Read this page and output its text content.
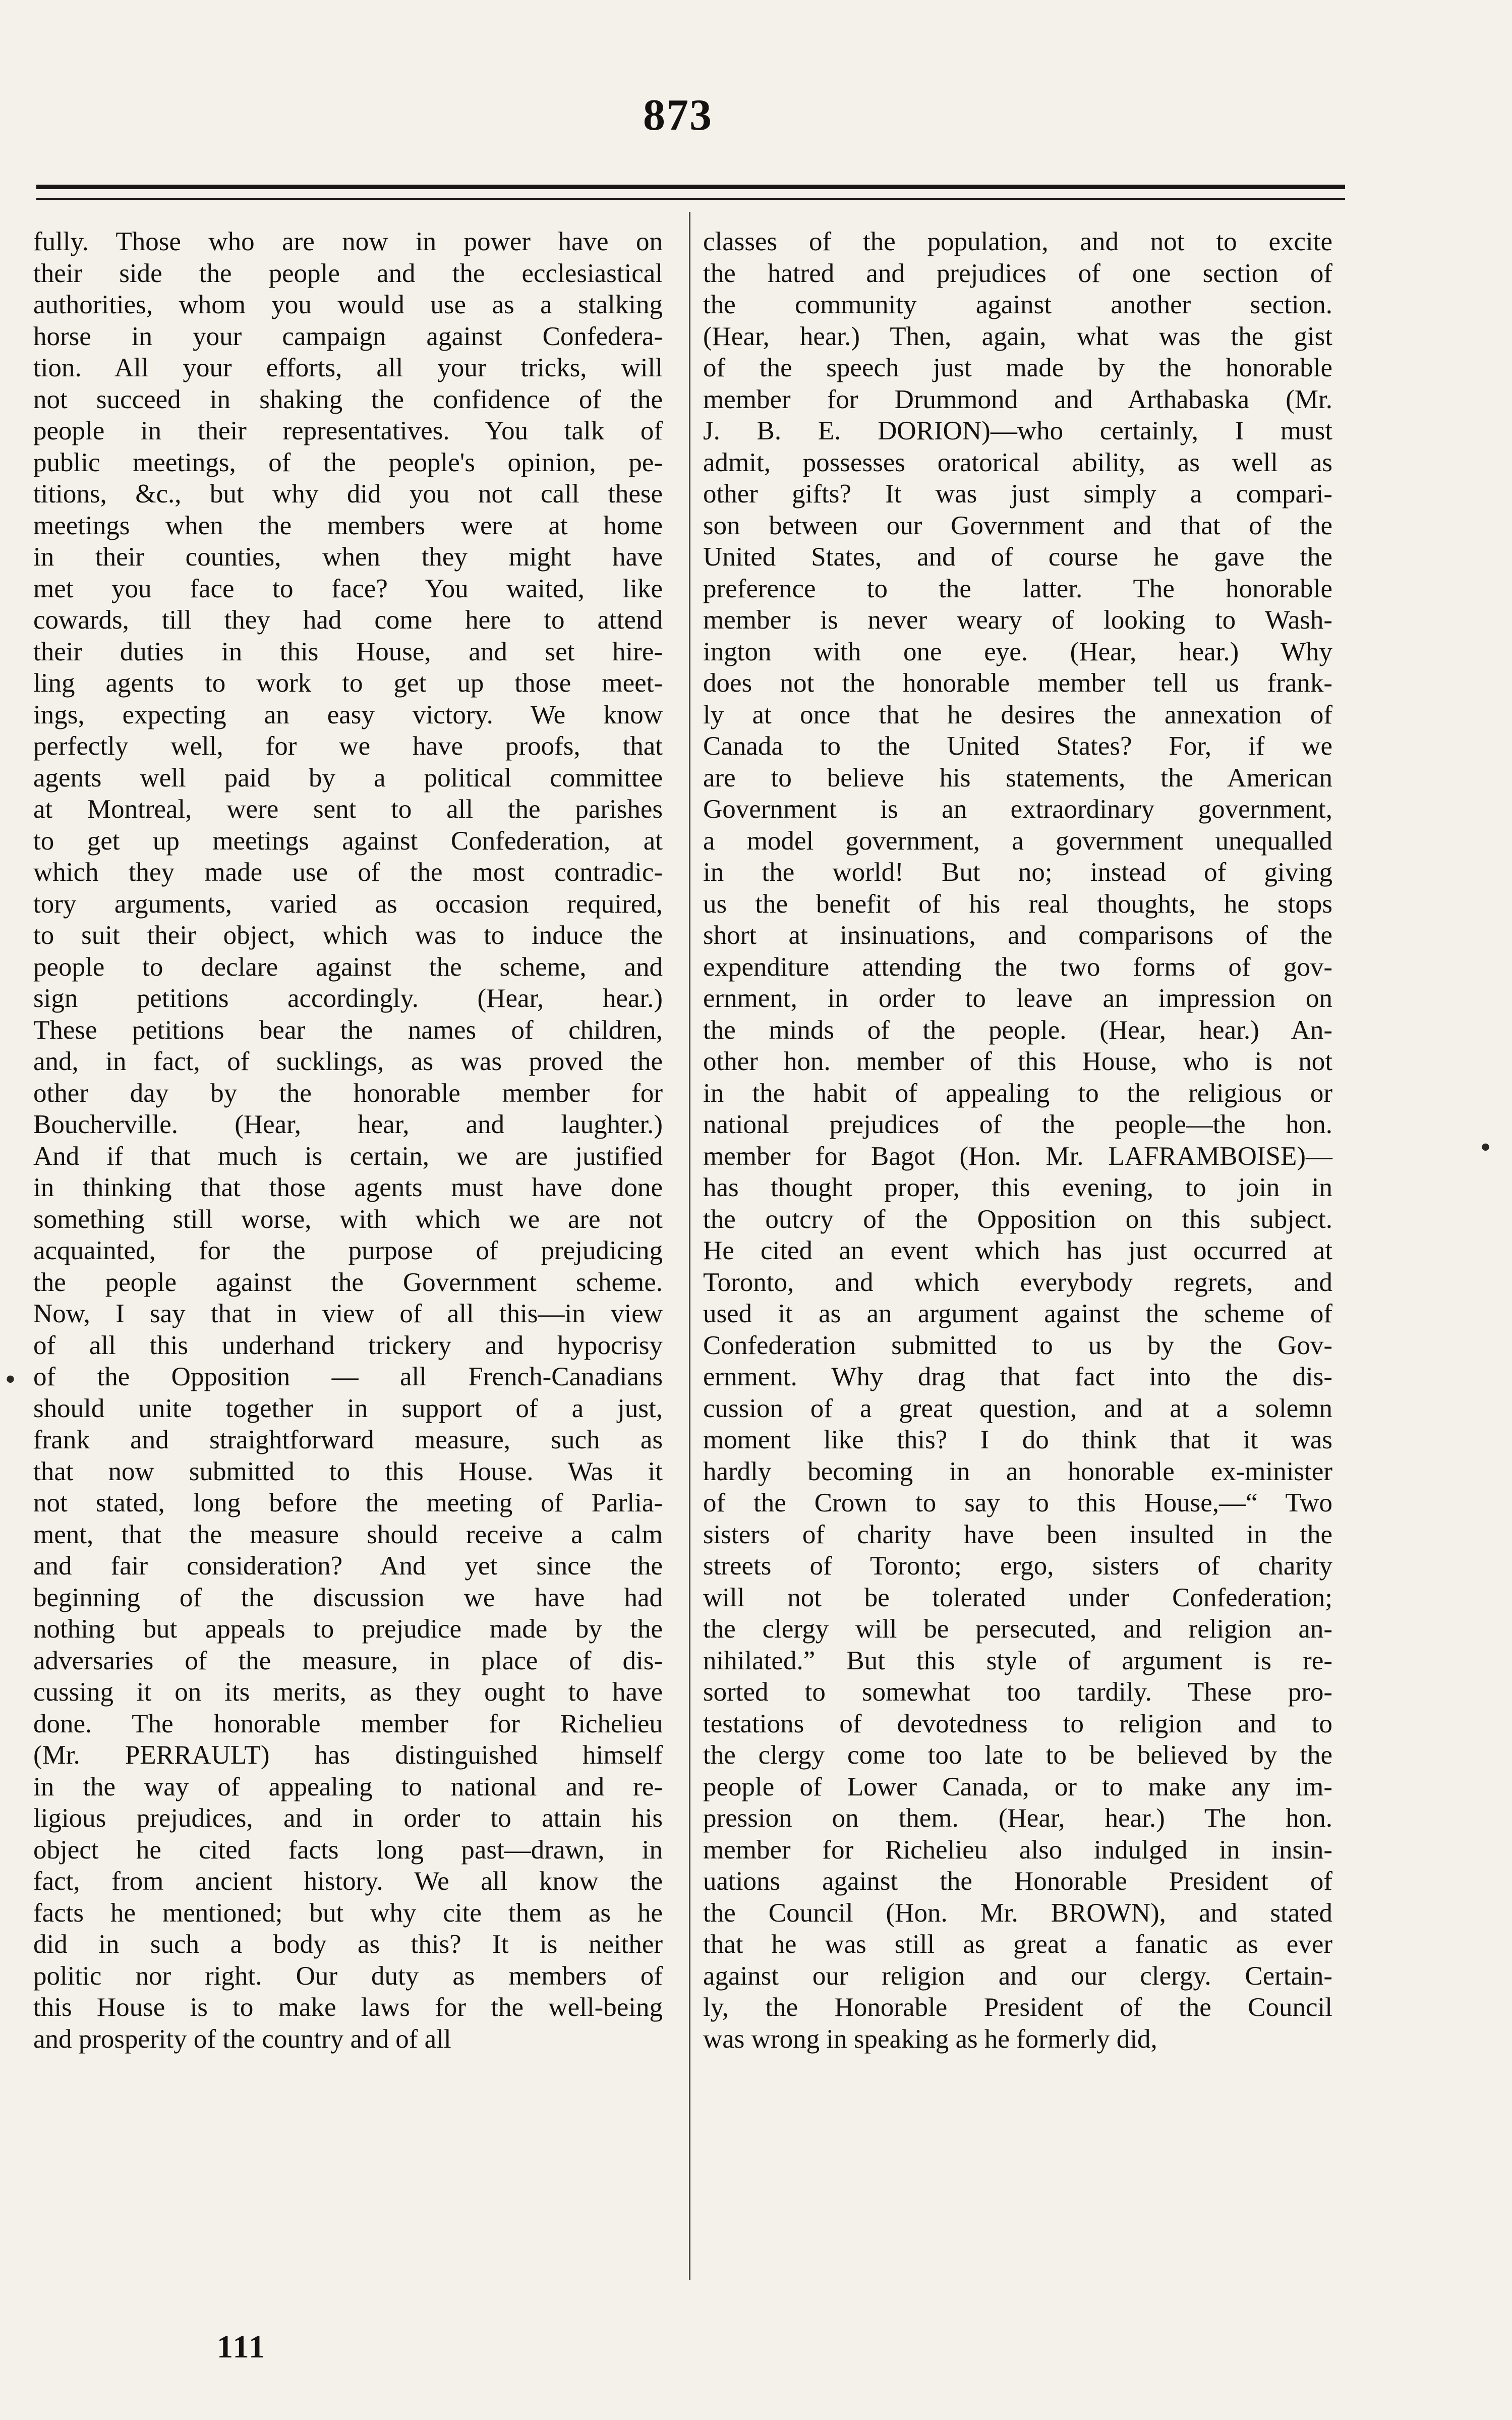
873
fully. Those who are now in power have on
their side the people and the ecclesiastical
authorities, whom you would use as a stalking
horse in your campaign against Confedera-
tion. All your efforts, all your tricks, will
not succeed in shaking the confidence of the
people in their representatives. You talk of
public meetings, of the people's opinion, pe-
titions, &c., but why did you not call these
meetings when the members were at home
in their counties, when they might have
met you face to face? You waited, like
cowards, till they had come here to attend
their duties in this House, and set hire-
ling agents to work to get up those meet-
ings, expecting an easy victory. We know
perfectly well, for we have proofs, that
agents well paid by a political committee
at Montreal, were sent to all the parishes
to get up meetings against Confederation, at
which they made use of the most contradic-
tory arguments, varied as occasion required,
to suit their object, which was to induce the
people to declare against the scheme, and
sign petitions accordingly. (Hear, hear.)
These petitions bear the names of children,
and, in fact, of sucklings, as was proved the
other day by the honorable member for
Boucherville. (Hear, hear, and laughter.)
And if that much is certain, we are justified
in thinking that those agents must have done
something still worse, with which we are not
acquainted, for the purpose of prejudicing
the people against the Government scheme.
Now, I say that in view of all this—in view
of all this underhand trickery and hypocrisy
of the Opposition — all French-Canadians
should unite together in support of a just,
frank and straightforward measure, such as
that now submitted to this House. Was it
not stated, long before the meeting of Parlia-
ment, that the measure should receive a calm
and fair consideration? And yet since the
beginning of the discussion we have had
nothing but appeals to prejudice made by the
adversaries of the measure, in place of dis-
cussing it on its merits, as they ought to have
done. The honorable member for Richelieu
(Mr. PERRAULT) has distinguished himself
in the way of appealing to national and re-
ligious prejudices, and in order to attain his
object he cited facts long past—drawn, in
fact, from ancient history. We all know the
facts he mentioned; but why cite them as he
did in such a body as this? It is neither
politic nor right. Our duty as members of
this House is to make laws for the well-being
and prosperity of the country and of all
classes of the population, and not to excite
the hatred and prejudices of one section of
the community against another section.
(Hear, hear.) Then, again, what was the gist
of the speech just made by the honorable
member for Drummond and Arthabaska (Mr.
J. B. E. DORION)—who certainly, I must
admit, possesses oratorical ability, as well as
other gifts? It was just simply a compari-
son between our Government and that of the
United States, and of course he gave the
preference to the latter. The honorable
member is never weary of looking to Wash-
ington with one eye. (Hear, hear.) Why
does not the honorable member tell us frank-
ly at once that he desires the annexation of
Canada to the United States? For, if we
are to believe his statements, the American
Government is an extraordinary government,
a model government, a government unequalled
in the world! But no; instead of giving
us the benefit of his real thoughts, he stops
short at insinuations, and comparisons of the
expenditure attending the two forms of gov-
ernment, in order to leave an impression on
the minds of the people. (Hear, hear.) An-
other hon. member of this House, who is not
in the habit of appealing to the religious or
national prejudices of the people—the hon.
member for Bagot (Hon. Mr. LAFRAMBOISE)—
has thought proper, this evening, to join in
the outcry of the Opposition on this subject.
He cited an event which has just occurred at
Toronto, and which everybody regrets, and
used it as an argument against the scheme of
Confederation submitted to us by the Gov-
ernment. Why drag that fact into the dis-
cussion of a great question, and at a solemn
moment like this? I do think that it was
hardly becoming in an honorable ex-minister
of the Crown to say to this House,—“ Two
sisters of charity have been insulted in the
streets of Toronto; ergo, sisters of charity
will not be tolerated under Confederation;
the clergy will be persecuted, and religion an-
nihilated.” But this style of argument is re-
sorted to somewhat too tardily. These pro-
testations of devotedness to religion and to
the clergy come too late to be believed by the
people of Lower Canada, or to make any im-
pression on them. (Hear, hear.) The hon.
member for Richelieu also indulged in insin-
uations against the Honorable President of
the Council (Hon. Mr. BROWN), and stated
that he was still as great a fanatic as ever
against our religion and our clergy. Certain-
ly, the Honorable President of the Council
was wrong in speaking as he formerly did,
111
•
•
